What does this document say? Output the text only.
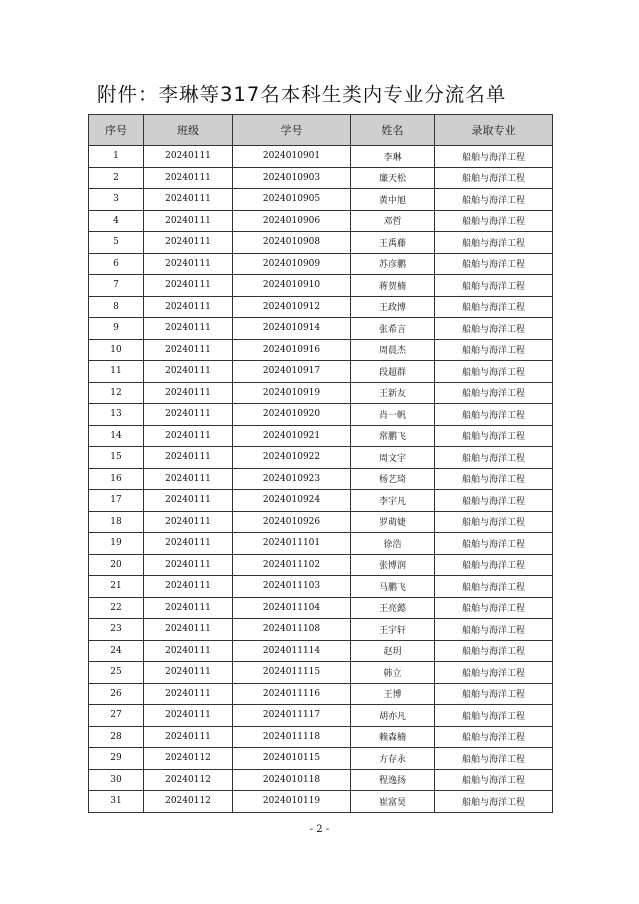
附件：李琳等317名本科生类内专业分流名单
序号	班级	学号	姓名	录取专业
1	20240111	2024010901	李琳	船舶与海洋工程
2	20240111	2024010903	廉天松	船舶与海洋工程
3	20240111	2024010905	黄中旭	船舶与海洋工程
4	20240111	2024010906	邓哲	船舶与海洋工程
5	20240111	2024010908	王禹藤	船舶与海洋工程
6	20240111	2024010909	苏彦鹏	船舶与海洋工程
7	20240111	2024010910	蒋贺楠	船舶与海洋工程
8	20240111	2024010912	王政博	船舶与海洋工程
9	20240111	2024010914	张希言	船舶与海洋工程
10	20240111	2024010916	周晨杰	船舶与海洋工程
11	20240111	2024010917	段超群	船舶与海洋工程
12	20240111	2024010919	王新友	船舶与海洋工程
13	20240111	2024010920	肖一帆	船舶与海洋工程
14	20240111	2024010921	常鹏飞	船舶与海洋工程
15	20240111	2024010922	周文宇	船舶与海洋工程
16	20240111	2024010923	杨艺琦	船舶与海洋工程
17	20240111	2024010924	李宇凡	船舶与海洋工程
18	20240111	2024010926	罗萌婕	船舶与海洋工程
19	20240111	2024011101	徐浩	船舶与海洋工程
20	20240111	2024011102	张博润	船舶与海洋工程
21	20240111	2024011103	马鹏飞	船舶与海洋工程
22	20240111	2024011104	王亮懿	船舶与海洋工程
23	20240111	2024011108	王宇轩	船舶与海洋工程
24	20240111	2024011114	赵玥	船舶与海洋工程
25	20240111	2024011115	韩立	船舶与海洋工程
26	20240111	2024011116	王博	船舶与海洋工程
27	20240111	2024011117	胡亦凡	船舶与海洋工程
28	20240111	2024011118	赖森楠	船舶与海洋工程
29	20240112	2024010115	方存永	船舶与海洋工程
30	20240112	2024010118	程逸扬	船舶与海洋工程
31	20240112	2024010119	崔富昊	船舶与海洋工程
- 2 -
